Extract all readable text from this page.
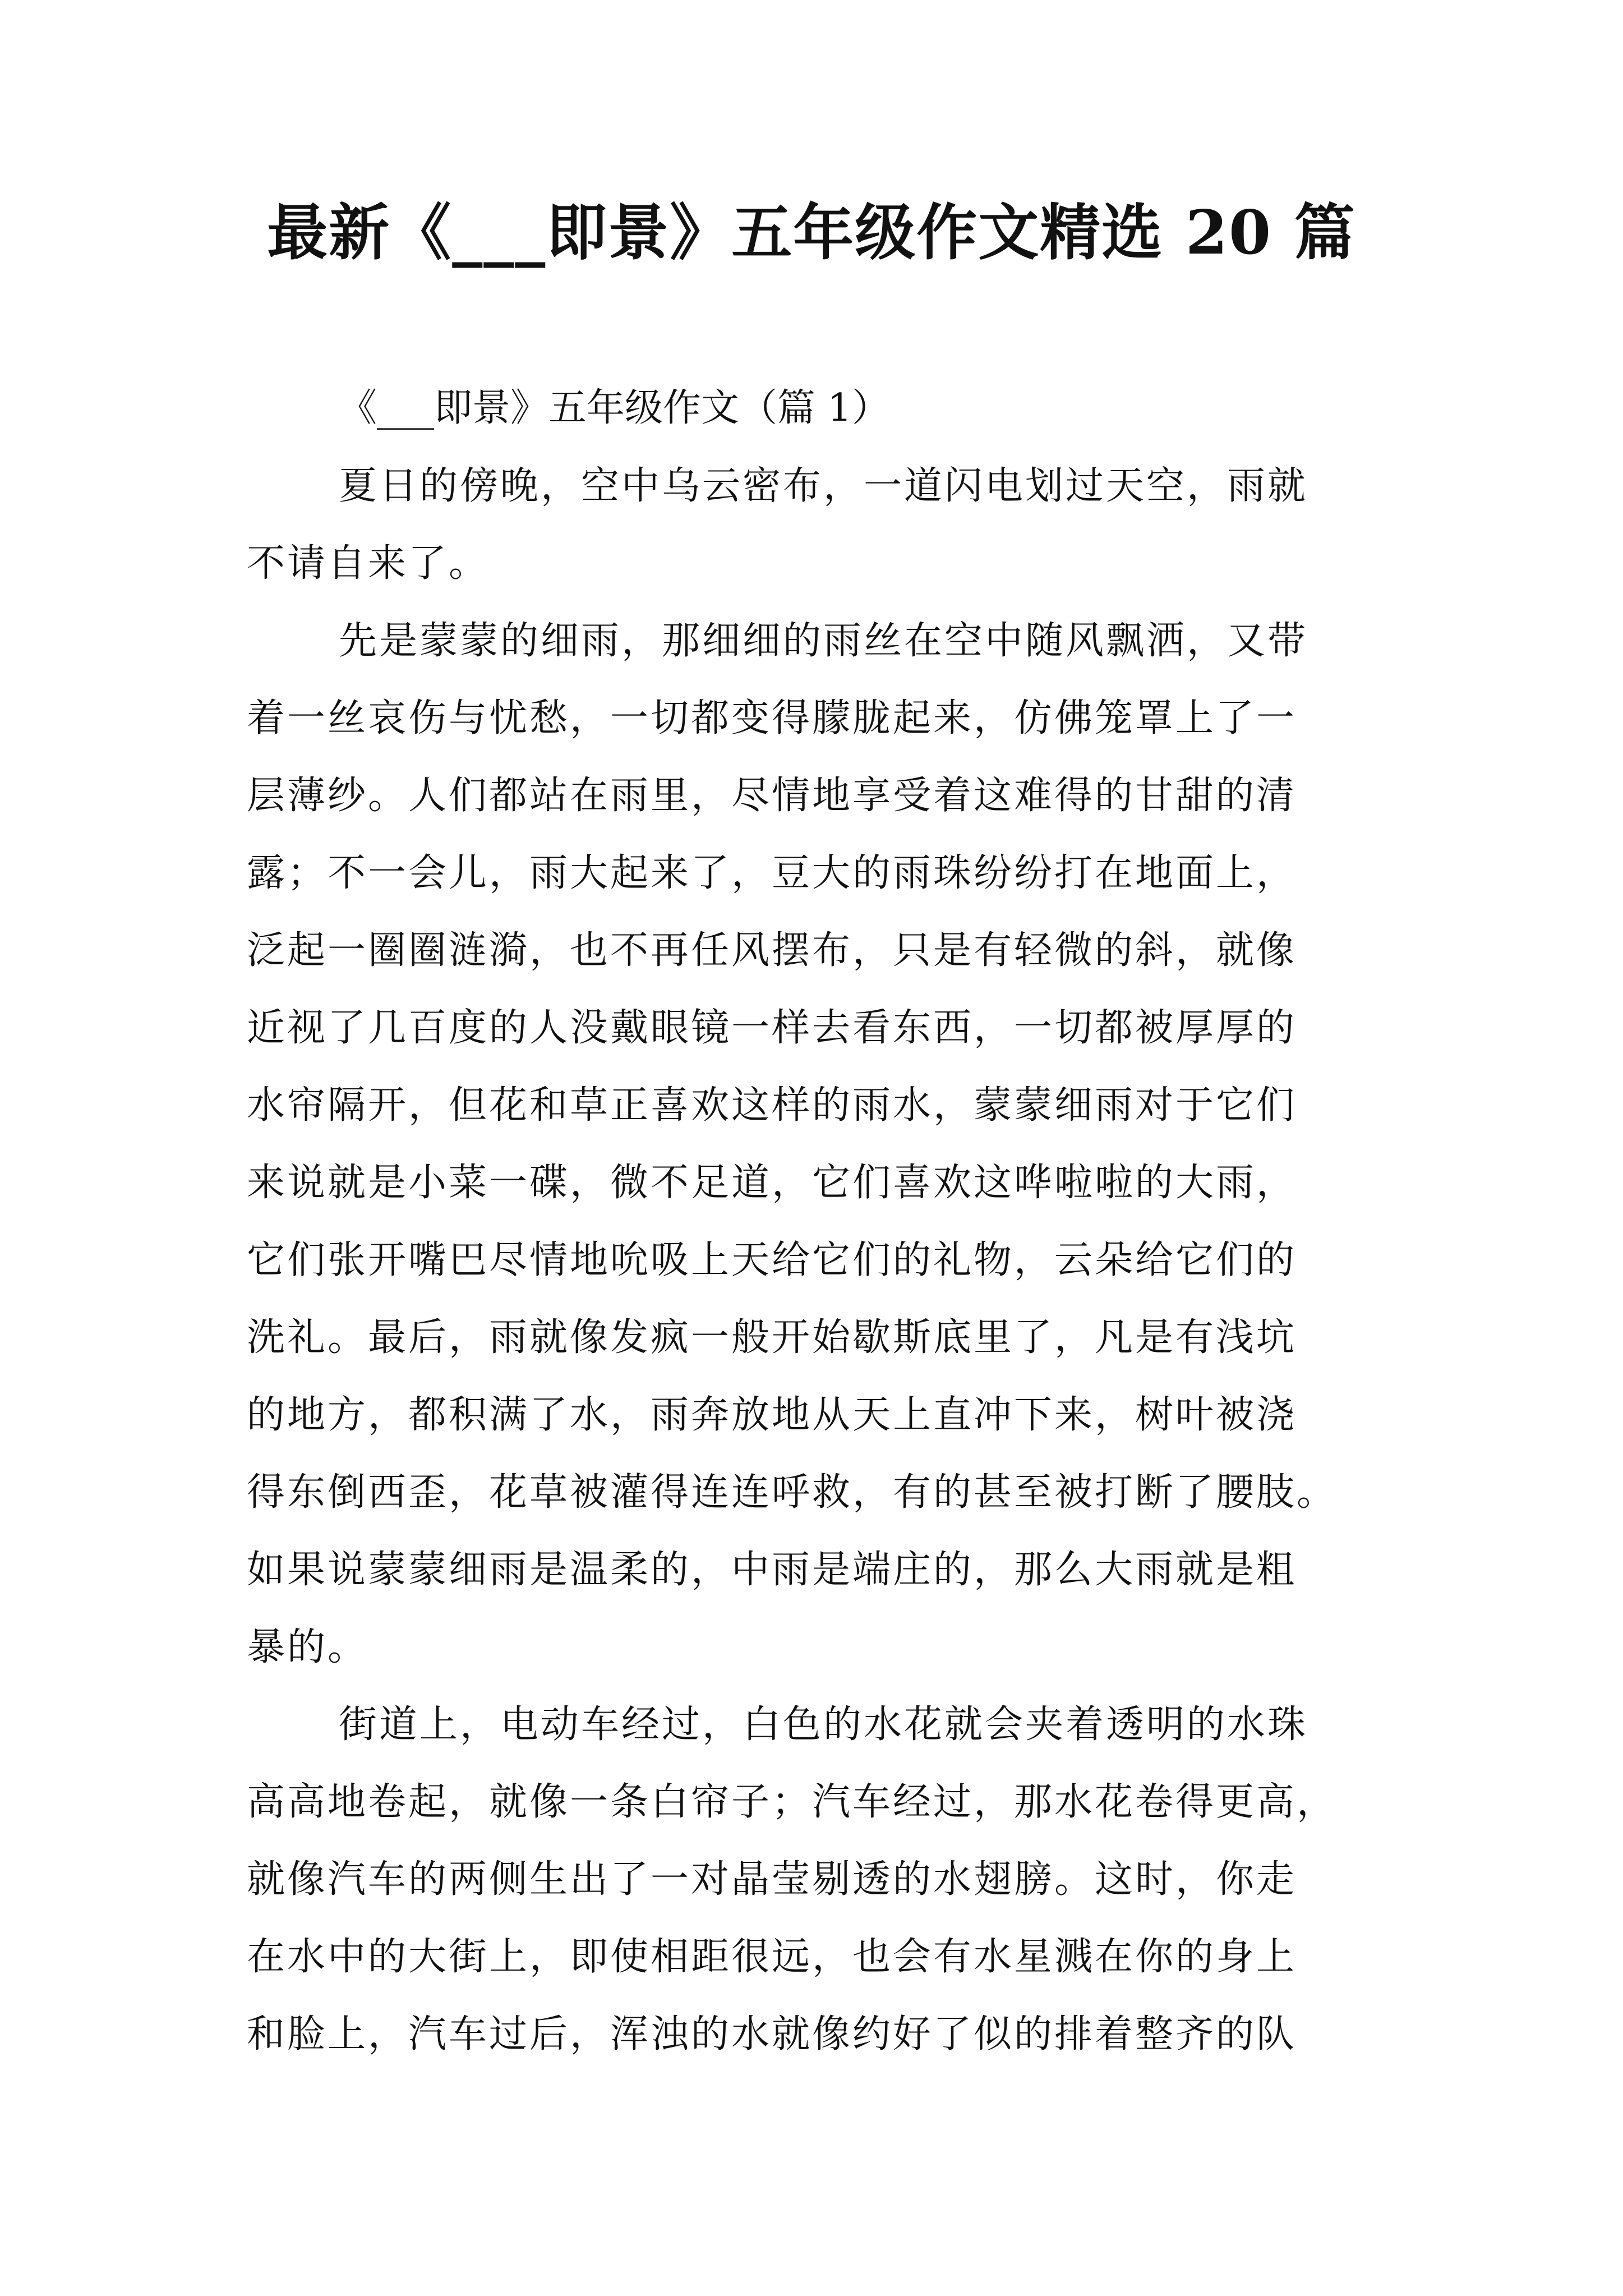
最新《___即景》五年级作文精选 20 篇

《___即景》五年级作文（篇 1）

夏日的傍晚，空中乌云密布，一道闪电划过天空，雨就
不请自来了。

先是蒙蒙的细雨，那细细的雨丝在空中随风飘洒，又带
着一丝哀伤与忧愁，一切都变得朦胧起来，仿佛笼罩上了一
层薄纱。人们都站在雨里，尽情地享受着这难得的甘甜的清
露；不一会儿，雨大起来了，豆大的雨珠纷纷打在地面上，
泛起一圈圈涟漪，也不再任风摆布，只是有轻微的斜，就像
近视了几百度的人没戴眼镜一样去看东西，一切都被厚厚的
水帘隔开，但花和草正喜欢这样的雨水，蒙蒙细雨对于它们
来说就是小菜一碟，微不足道，它们喜欢这哗啦啦的大雨，
它们张开嘴巴尽情地吮吸上天给它们的礼物，云朵给它们的
洗礼。最后，雨就像发疯一般开始歇斯底里了，凡是有浅坑
的地方，都积满了水，雨奔放地从天上直冲下来，树叶被浇
得东倒西歪，花草被灌得连连呼救，有的甚至被打断了腰肢。
如果说蒙蒙细雨是温柔的，中雨是端庄的，那么大雨就是粗
暴的。

街道上，电动车经过，白色的水花就会夹着透明的水珠
高高地卷起，就像一条白帘子；汽车经过，那水花卷得更高，
就像汽车的两侧生出了一对晶莹剔透的水翅膀。这时，你走
在水中的大街上，即使相距很远，也会有水星溅在你的身上
和脸上，汽车过后，浑浊的水就像约好了似的排着整齐的队
